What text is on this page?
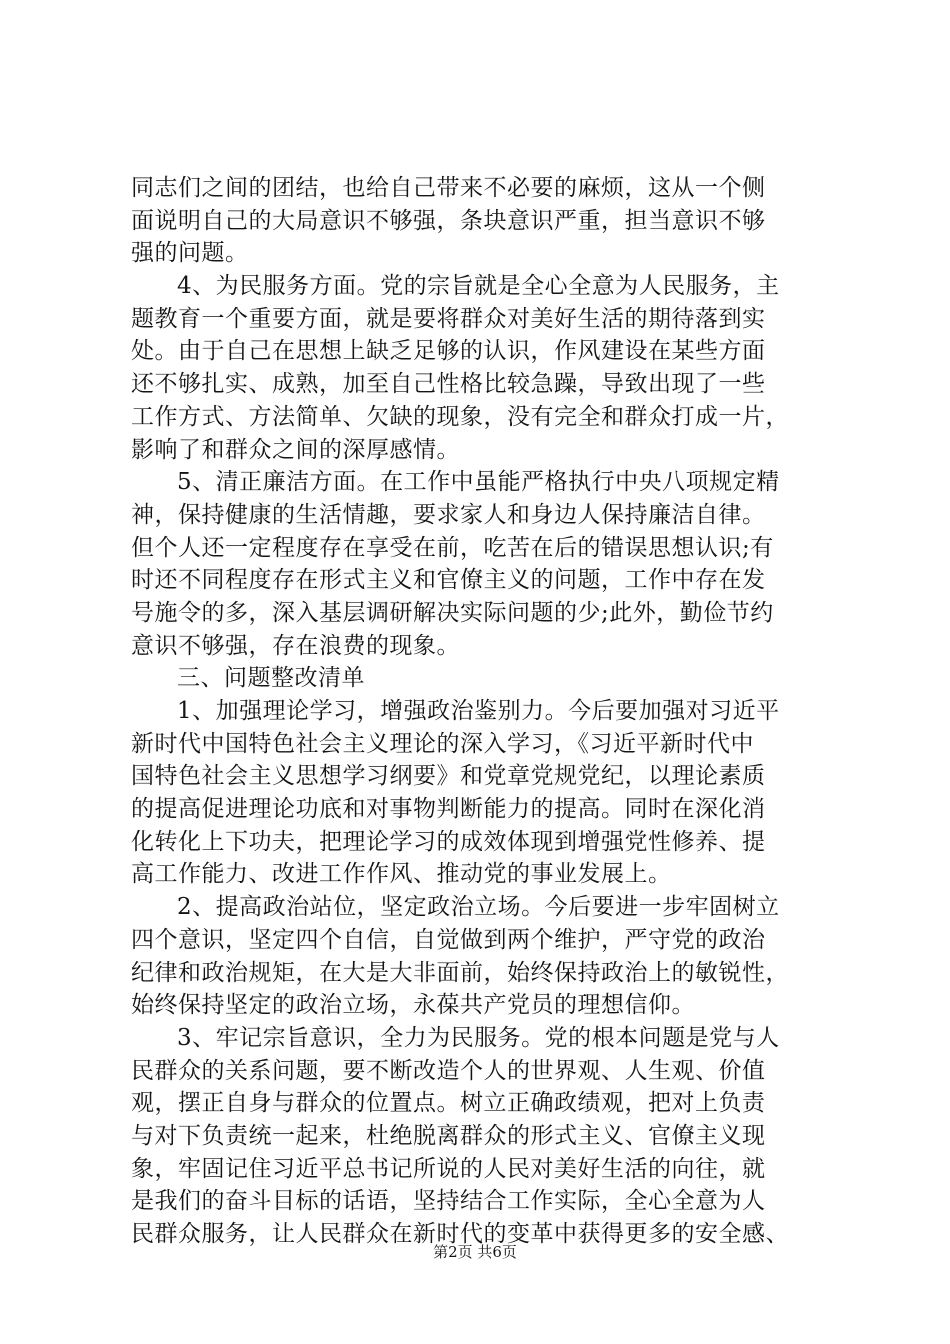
同志们之间的团结，也给自己带来不必要的麻烦，这从一个侧
面说明自己的大局意识不够强，条块意识严重，担当意识不够
强的问题。
4、为民服务方面。党的宗旨就是全心全意为人民服务，主
题教育一个重要方面，就是要将群众对美好生活的期待落到实
处。由于自己在思想上缺乏足够的认识，作风建设在某些方面
还不够扎实、成熟，加至自己性格比较急躁，导致出现了一些
工作方式、方法简单、欠缺的现象，没有完全和群众打成一片，
影响了和群众之间的深厚感情。
5、清正廉洁方面。在工作中虽能严格执行中央八项规定精
神，保持健康的生活情趣，要求家人和身边人保持廉洁自律。
但个人还一定程度存在享受在前，吃苦在后的错误思想认识;有
时还不同程度存在形式主义和官僚主义的问题，工作中存在发
号施令的多，深入基层调研解决实际问题的少;此外，勤俭节约
意识不够强，存在浪费的现象。
三、问题整改清单
1、加强理论学习，增强政治鉴别力。今后要加强对习近平
新时代中国特色社会主义理论的深入学习，《习近平新时代中
国特色社会主义思想学习纲要》和党章党规党纪，以理论素质
的提高促进理论功底和对事物判断能力的提高。同时在深化消
化转化上下功夫，把理论学习的成效体现到增强党性修养、提
高工作能力、改进工作作风、推动党的事业发展上。
2、提高政治站位，坚定政治立场。今后要进一步牢固树立
四个意识，坚定四个自信，自觉做到两个维护，严守党的政治
纪律和政治规矩，在大是大非面前，始终保持政治上的敏锐性，
始终保持坚定的政治立场，永葆共产党员的理想信仰。
3、牢记宗旨意识，全力为民服务。党的根本问题是党与人
民群众的关系问题，要不断改造个人的世界观、人生观、价值
观，摆正自身与群众的位置点。树立正确政绩观，把对上负责
与对下负责统一起来，杜绝脱离群众的形式主义、官僚主义现
象，牢固记住习近平总书记所说的人民对美好生活的向往，就
是我们的奋斗目标的话语，坚持结合工作实际，全心全意为人
民群众服务，让人民群众在新时代的变革中获得更多的安全感、
第2页 共6页
